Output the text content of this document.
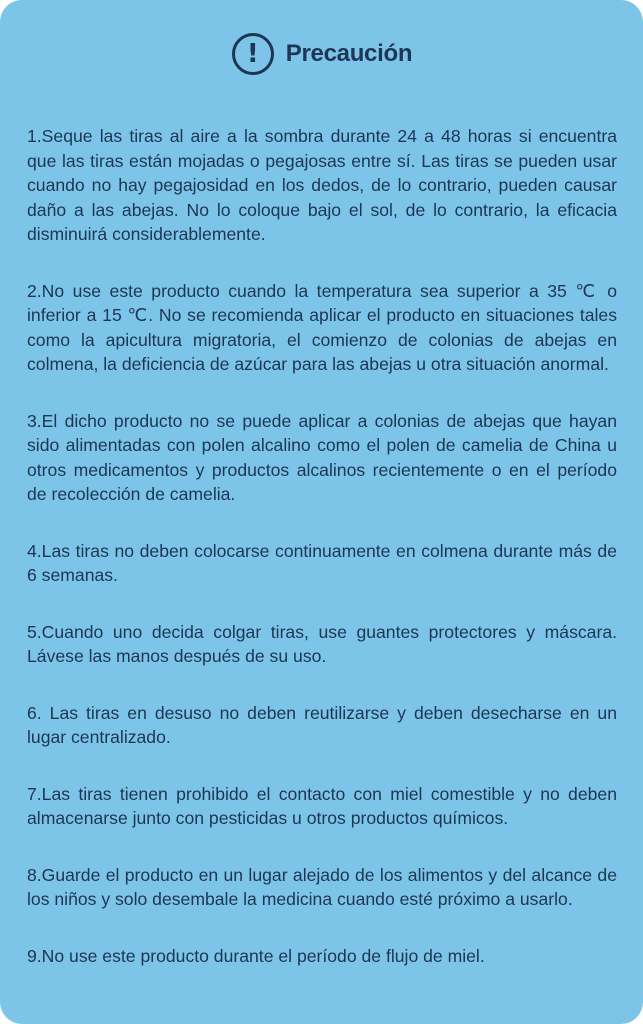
!	Precaución

1.Seque las tiras al aire a la sombra durante 24 a 48 horas si encuentra que las tiras están mojadas o pegajosas entre sí. Las tiras se pueden usar cuando no hay pegajosidad en los dedos, de lo contrario, pueden causar daño a las abejas. No lo coloque bajo el sol, de lo contrario, la eficacia disminuirá considerablemente.

2.No use este producto cuando la temperatura sea superior a 35 ℃ o inferior a 15 ℃. No se recomienda aplicar el producto en situaciones tales como la apicultura migratoria, el comienzo de colonias de abejas en colmena, la deficiencia de azúcar para las abejas u otra situación anormal.

3.El dicho producto no se puede aplicar a colonias de abejas que hayan sido alimentadas con polen alcalino como el polen de camelia de China u otros medicamentos y productos alcalinos recientemente o en el período de recolección de camelia.

4.Las tiras no deben colocarse continuamente en colmena durante más de 6 semanas.

5.Cuando uno decida colgar tiras, use guantes protectores y máscara. Lávese las manos después de su uso.

6. Las tiras en desuso no deben reutilizarse y deben desecharse en un lugar centralizado.

7.Las tiras tienen prohibido el contacto con miel comestible y no deben almacenarse junto con pesticidas u otros productos químicos.

8.Guarde el producto en un lugar alejado de los alimentos y del alcance de los niños y solo desembale la medicina cuando esté próximo a usarlo.

9.No use este producto durante el período de flujo de miel.
